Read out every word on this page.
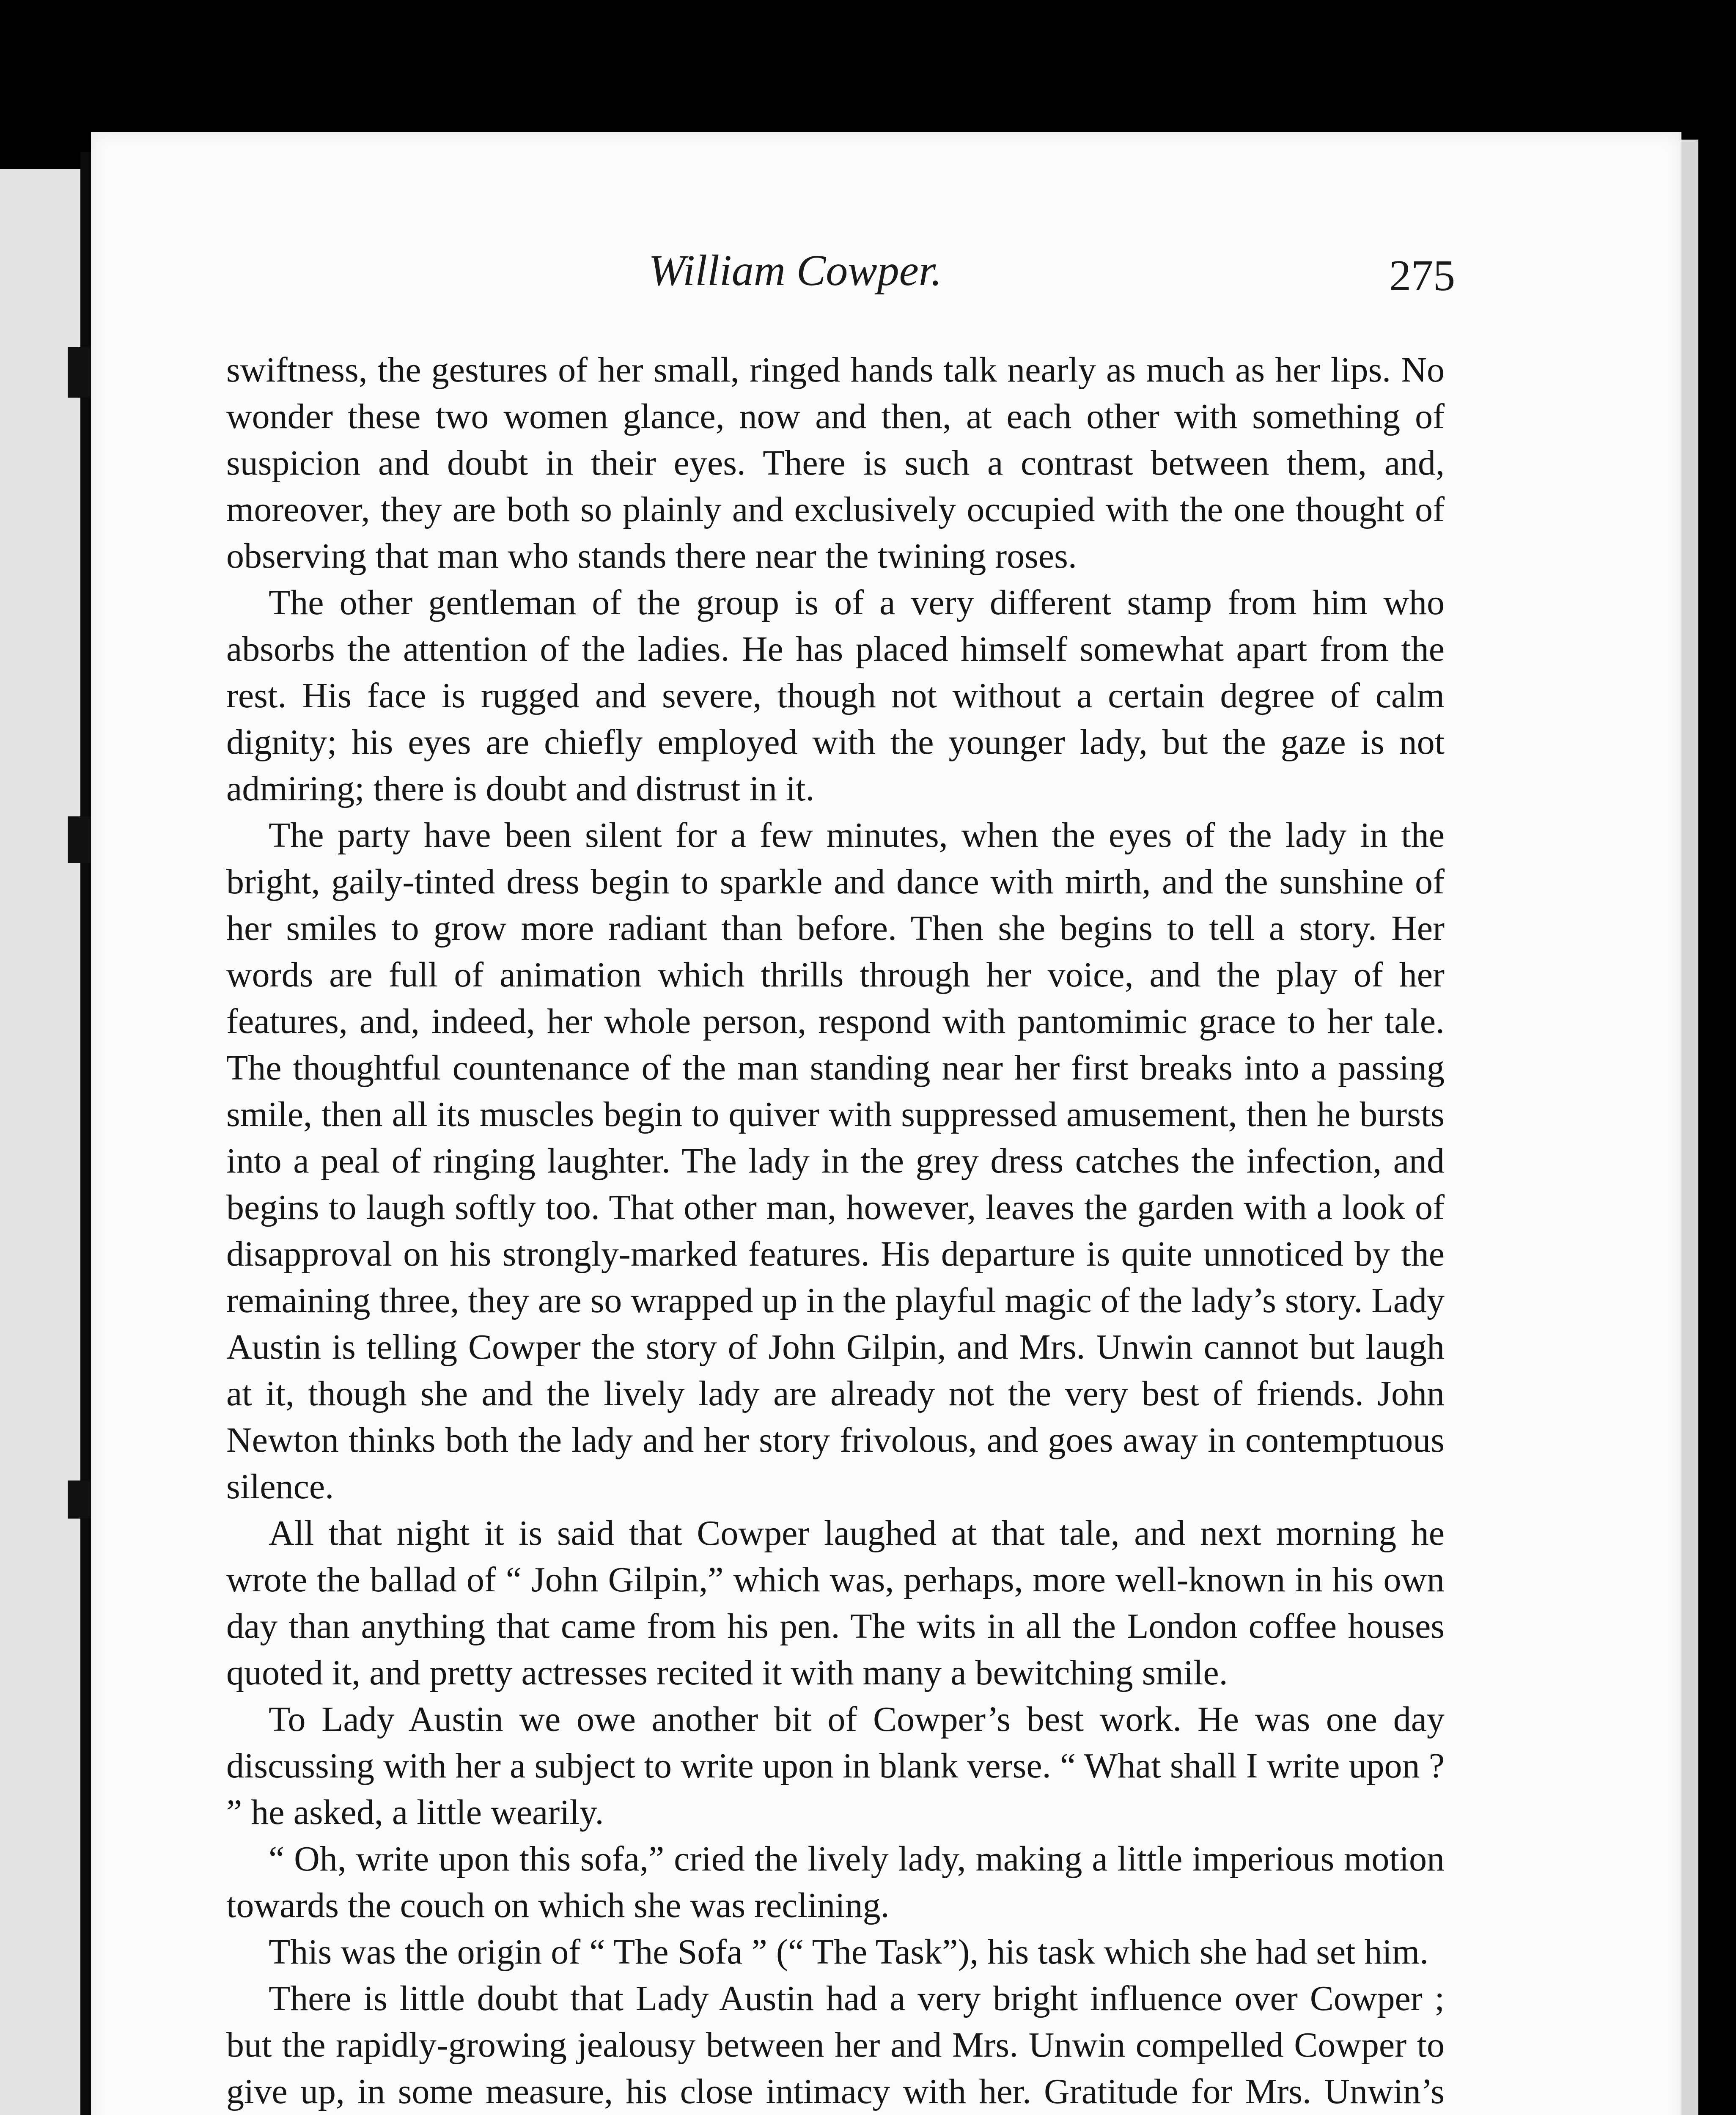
William Cowper.	275

swiftness, the gestures of her small, ringed hands talk nearly as much as her lips. No wonder these two women glance, now and then, at each other with something of suspicion and doubt in their eyes. There is such a contrast between them, and, moreover, they are both so plainly and exclusively occupied with the one thought of observing that man who stands there near the twining roses.

The other gentleman of the group is of a very different stamp from him who absorbs the attention of the ladies. He has placed himself somewhat apart from the rest. His face is rugged and severe, though not without a certain degree of calm dignity; his eyes are chiefly employed with the younger lady, but the gaze is not admiring; there is doubt and distrust in it.

The party have been silent for a few minutes, when the eyes of the lady in the bright, gaily-tinted dress begin to sparkle and dance with mirth, and the sunshine of her smiles to grow more radiant than before. Then she begins to tell a story. Her words are full of animation which thrills through her voice, and the play of her features, and, indeed, her whole person, respond with pantomimic grace to her tale. The thoughtful countenance of the man standing near her first breaks into a passing smile, then all its muscles begin to quiver with suppressed amusement, then he bursts into a peal of ringing laughter. The lady in the grey dress catches the infection, and begins to laugh softly too. That other man, however, leaves the garden with a look of disapproval on his strongly-marked features. His departure is quite unnoticed by the remaining three, they are so wrapped up in the playful magic of the lady’s story. Lady Austin is telling Cowper the story of John Gilpin, and Mrs. Unwin cannot but laugh at it, though she and the lively lady are already not the very best of friends. John Newton thinks both the lady and her story frivolous, and goes away in contemptuous silence.

All that night it is said that Cowper laughed at that tale, and next morning he wrote the ballad of “ John Gilpin,” which was, perhaps, more well-known in his own day than anything that came from his pen. The wits in all the London coffee houses quoted it, and pretty actresses recited it with many a bewitching smile.

To Lady Austin we owe another bit of Cowper’s best work. He was one day discussing with her a subject to write upon in blank verse. “ What shall I write upon ? ” he asked, a little wearily.

“ Oh, write upon this sofa,” cried the lively lady, making a little imperious motion towards the couch on which she was reclining.

This was the origin of “ The Sofa ” (“ The Task”), his task which she had set him.

There is little doubt that Lady Austin had a very bright influence over Cowper ; but the rapidly-growing jealousy between her and Mrs. Unwin compelled Cowper to give up, in some measure, his close intimacy with her. Gratitude for Mrs. Unwin’s
